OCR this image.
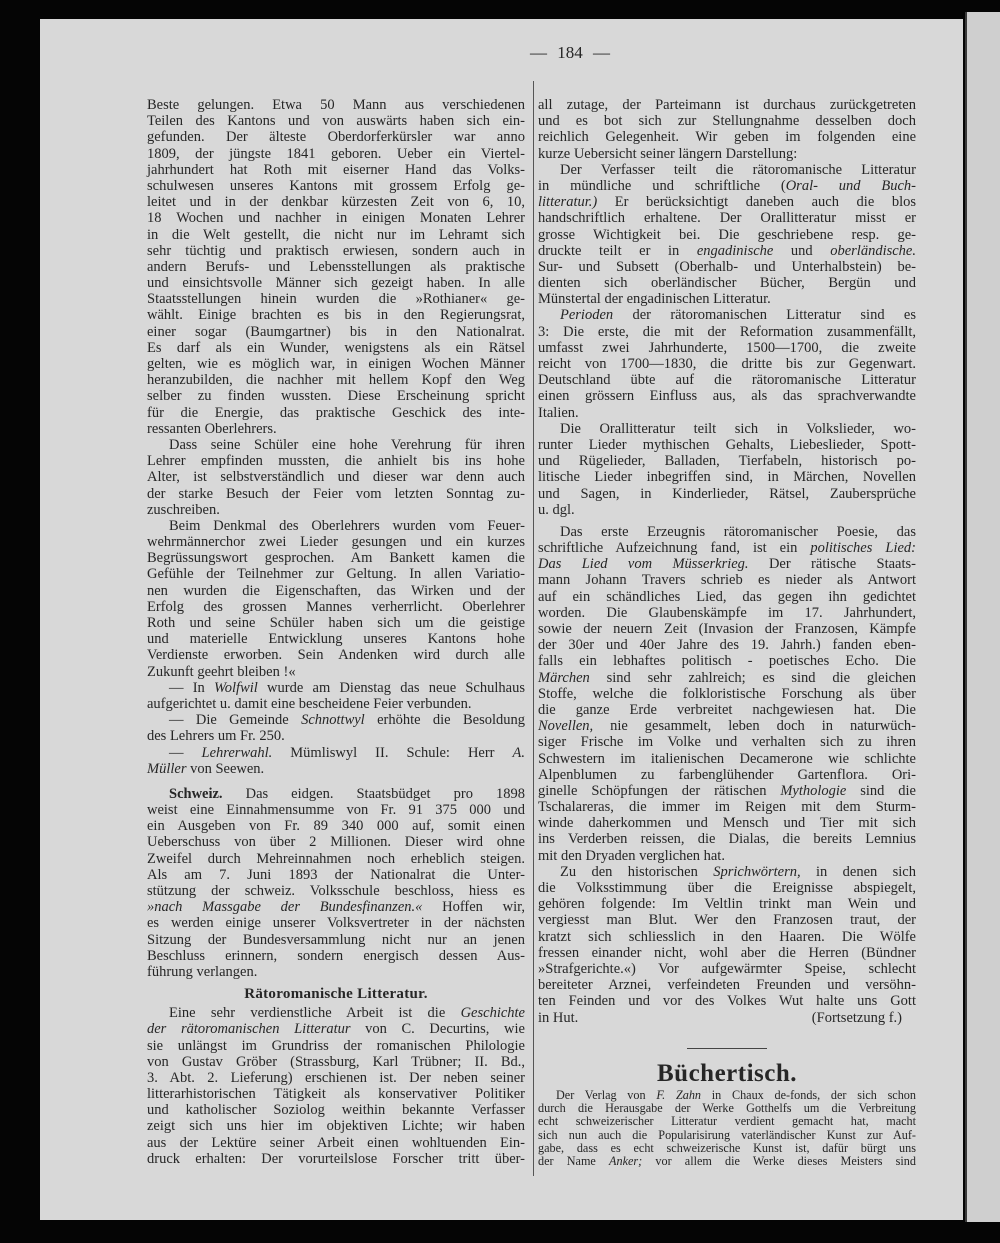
— 184 —
Beste gelungen. Etwa 50 Mann aus verschiedenen
Teilen des Kantons und von auswärts haben sich ein-
gefunden. Der älteste Oberdorferkürsler war anno
1809, der jüngste 1841 geboren. Ueber ein Viertel-
jahrhundert hat Roth mit eiserner Hand das Volks-
schulwesen unseres Kantons mit grossem Erfolg ge-
leitet und in der denkbar kürzesten Zeit von 6, 10,
18 Wochen und nachher in einigen Monaten Lehrer
in die Welt gestellt, die nicht nur im Lehramt sich
sehr tüchtig und praktisch erwiesen, sondern auch in
andern Berufs- und Lebensstellungen als praktische
und einsichtsvolle Männer sich gezeigt haben. In alle
Staatsstellungen hinein wurden die »Rothianer« ge-
wählt. Einige brachten es bis in den Regierungsrat,
einer sogar (Baumgartner) bis in den Nationalrat.
Es darf als ein Wunder, wenigstens als ein Rätsel
gelten, wie es möglich war, in einigen Wochen Männer
heranzubilden, die nachher mit hellem Kopf den Weg
selber zu finden wussten. Diese Erscheinung spricht
für die Energie, das praktische Geschick des inte-
ressanten Oberlehrers.
Dass seine Schüler eine hohe Verehrung für ihren
Lehrer empfinden mussten, die anhielt bis ins hohe
Alter, ist selbstverständlich und dieser war denn auch
der starke Besuch der Feier vom letzten Sonntag zu-
zuschreiben.
Beim Denkmal des Oberlehrers wurden vom Feuer-
wehrmännerchor zwei Lieder gesungen und ein kurzes
Begrüssungswort gesprochen. Am Bankett kamen die
Gefühle der Teilnehmer zur Geltung. In allen Variatio-
nen wurden die Eigenschaften, das Wirken und der
Erfolg des grossen Mannes verherrlicht. Oberlehrer
Roth und seine Schüler haben sich um die geistige
und materielle Entwicklung unseres Kantons hohe
Verdienste erworben. Sein Andenken wird durch alle
Zukunft geehrt bleiben !«
— In Wolfwil wurde am Dienstag das neue Schulhaus
aufgerichtet u. damit eine bescheidene Feier verbunden.
— Die Gemeinde Schnottwyl erhöhte die Besoldung
des Lehrers um Fr. 250.
— Lehrerwahl. Mümliswyl II. Schule: Herr A.
Müller von Seewen.
Schweiz. Das eidgen. Staatsbüdget pro 1898
weist eine Einnahmensumme von Fr. 91 375 000 und
ein Ausgeben von Fr. 89 340 000 auf, somit einen
Ueberschuss von über 2 Millionen. Dieser wird ohne
Zweifel durch Mehreinnahmen noch erheblich steigen.
Als am 7. Juni 1893 der Nationalrat die Unter-
stützung der schweiz. Volksschule beschloss, hiess es
»nach Massgabe der Bundesfinanzen.« Hoffen wir,
es werden einige unserer Volksvertreter in der nächsten
Sitzung der Bundesversammlung nicht nur an jenen
Beschluss erinnern, sondern energisch dessen Aus-
führung verlangen.
Rätoromanische Litteratur.
Eine sehr verdienstliche Arbeit ist die Geschichte
der rätoromanischen Litteratur von C. Decurtins, wie
sie unlängst im Grundriss der romanischen Philologie
von Gustav Gröber (Strassburg, Karl Trübner; II. Bd.,
3. Abt. 2. Lieferung) erschienen ist. Der neben seiner
litterarhistorischen Tätigkeit als konservativer Politiker
und katholischer Soziolog weithin bekannte Verfasser
zeigt sich uns hier im objektiven Lichte; wir haben
aus der Lektüre seiner Arbeit einen wohltuenden Ein-
druck erhalten: Der vorurteilslose Forscher tritt über-
all zutage, der Parteimann ist durchaus zurückgetreten
und es bot sich zur Stellungnahme desselben doch
reichlich Gelegenheit. Wir geben im folgenden eine
kurze Uebersicht seiner längern Darstellung:
Der Verfasser teilt die rätoromanische Litteratur
in mündliche und schriftliche (Oral- und Buch-
litteratur.) Er berücksichtigt daneben auch die blos
handschriftlich erhaltene. Der Orallitteratur misst er
grosse Wichtigkeit bei. Die geschriebene resp. ge-
druckte teilt er in engadinische und oberländische.
Sur- und Subsett (Oberhalb- und Unterhalbstein) be-
dienten sich oberländischer Bücher, Bergün und
Münstertal der engadinischen Litteratur.
Perioden der rätoromanischen Litteratur sind es
3: Die erste, die mit der Reformation zusammenfällt,
umfasst zwei Jahrhunderte, 1500—1700, die zweite
reicht von 1700—1830, die dritte bis zur Gegenwart.
Deutschland übte auf die rätoromanische Litteratur
einen grössern Einfluss aus, als das sprachverwandte
Italien.
Die Orallitteratur teilt sich in Volkslieder, wo-
runter Lieder mythischen Gehalts, Liebeslieder, Spott-
und Rügelieder, Balladen, Tierfabeln, historisch po-
litische Lieder inbegriffen sind, in Märchen, Novellen
und Sagen, in Kinderlieder, Rätsel, Zaubersprüche
u. dgl.
Das erste Erzeugnis rätoromanischer Poesie, das
schriftliche Aufzeichnung fand, ist ein politisches Lied:
Das Lied vom Müsserkrieg. Der rätische Staats-
mann Johann Travers schrieb es nieder als Antwort
auf ein schändliches Lied, das gegen ihn gedichtet
worden. Die Glaubenskämpfe im 17. Jahrhundert,
sowie der neuern Zeit (Invasion der Franzosen, Kämpfe
der 30er und 40er Jahre des 19. Jahrh.) fanden eben-
falls ein lebhaftes politisch - poetisches Echo. Die
Märchen sind sehr zahlreich; es sind die gleichen
Stoffe, welche die folkloristische Forschung als über
die ganze Erde verbreitet nachgewiesen hat. Die
Novellen, nie gesammelt, leben doch in naturwüch-
siger Frische im Volke und verhalten sich zu ihren
Schwestern im italienischen Decamerone wie schlichte
Alpenblumen zu farbenglühender Gartenflora. Ori-
ginelle Schöpfungen der rätischen Mythologie sind die
Tschalareras, die immer im Reigen mit dem Sturm-
winde daherkommen und Mensch und Tier mit sich
ins Verderben reissen, die Dialas, die bereits Lemnius
mit den Dryaden verglichen hat.
Zu den historischen Sprichwörtern, in denen sich
die Volksstimmung über die Ereignisse abspiegelt,
gehören folgende: Im Veltlin trinkt man Wein und
vergiesst man Blut. Wer den Franzosen traut, der
kratzt sich schliesslich in den Haaren. Die Wölfe
fressen einander nicht, wohl aber die Herren (Bündner
»Strafgerichte.«) Vor aufgewärmter Speise, schlecht
bereiteter Arznei, verfeindeten Freunden und versöhn-
ten Feinden und vor des Volkes Wut halte uns Gott
in Hut.	(Fortsetzung f.)
Büchertisch.
Der Verlag von F. Zahn in Chaux de-fonds, der sich schon
durch die Herausgabe der Werke Gotthelfs um die Verbreitung
echt schweizerischer Litteratur verdient gemacht hat, macht
sich nun auch die Popularisirung vaterländischer Kunst zur Auf-
gabe, dass es echt schweizerische Kunst ist, dafür bürgt uns
der Name Anker; vor allem die Werke dieses Meisters sind
